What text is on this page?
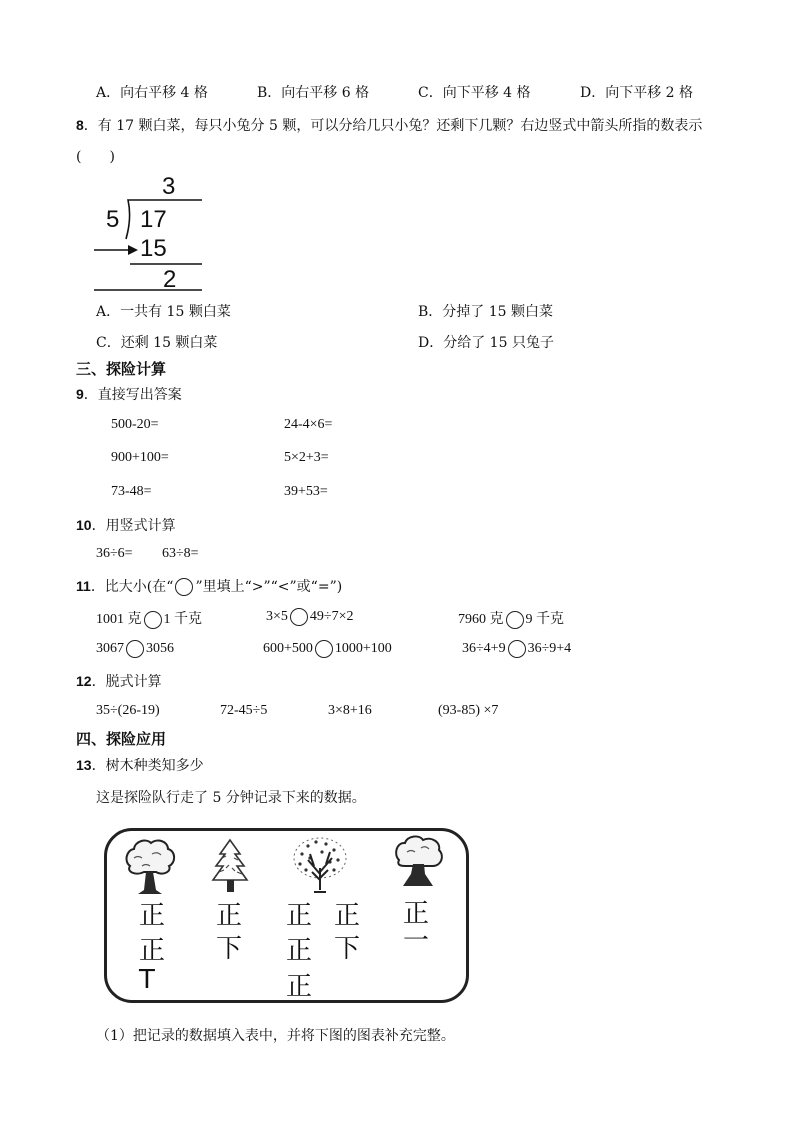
A．向右平移 4 格	B．向右平移 6 格	C．向下平移 4 格	D．向下平移 2 格
8．有 17 颗白菜，每只小兔分 5 颗，可以分给几只小兔？还剩下几颗？右边竖式中箭头所指的数表示
(　　)
3
5 17
15
2
A．一共有 15 颗白菜	B．分掉了 15 颗白菜
C．还剩 15 颗白菜	D．分给了 15 只兔子
三、探险计算
9．直接写出答案
500-20=	24-4×6=
900+100=	5×2+3=
73-48=	39+53=
10．用竖式计算
36÷6= 63÷8=
11．比大小(在“ ”里填上“>”“<”或“=”)
1001 克 1 千克	3×5 49÷7×2	7960 克 9 千克
3067 3056	600+500 1000+100	36÷4+9 36÷9+4
12．脱式计算
35÷(26-19)	72-45÷5	3×8+16	(93-85) ×7
四、探险应用
13．树木种类知多少
这是探险队行走了 5 分钟记录下来的数据。
正
正
T
正
下
正
正
正
正
下
正
一
（1）把记录的数据填入表中，并将下图的图表补充完整。
